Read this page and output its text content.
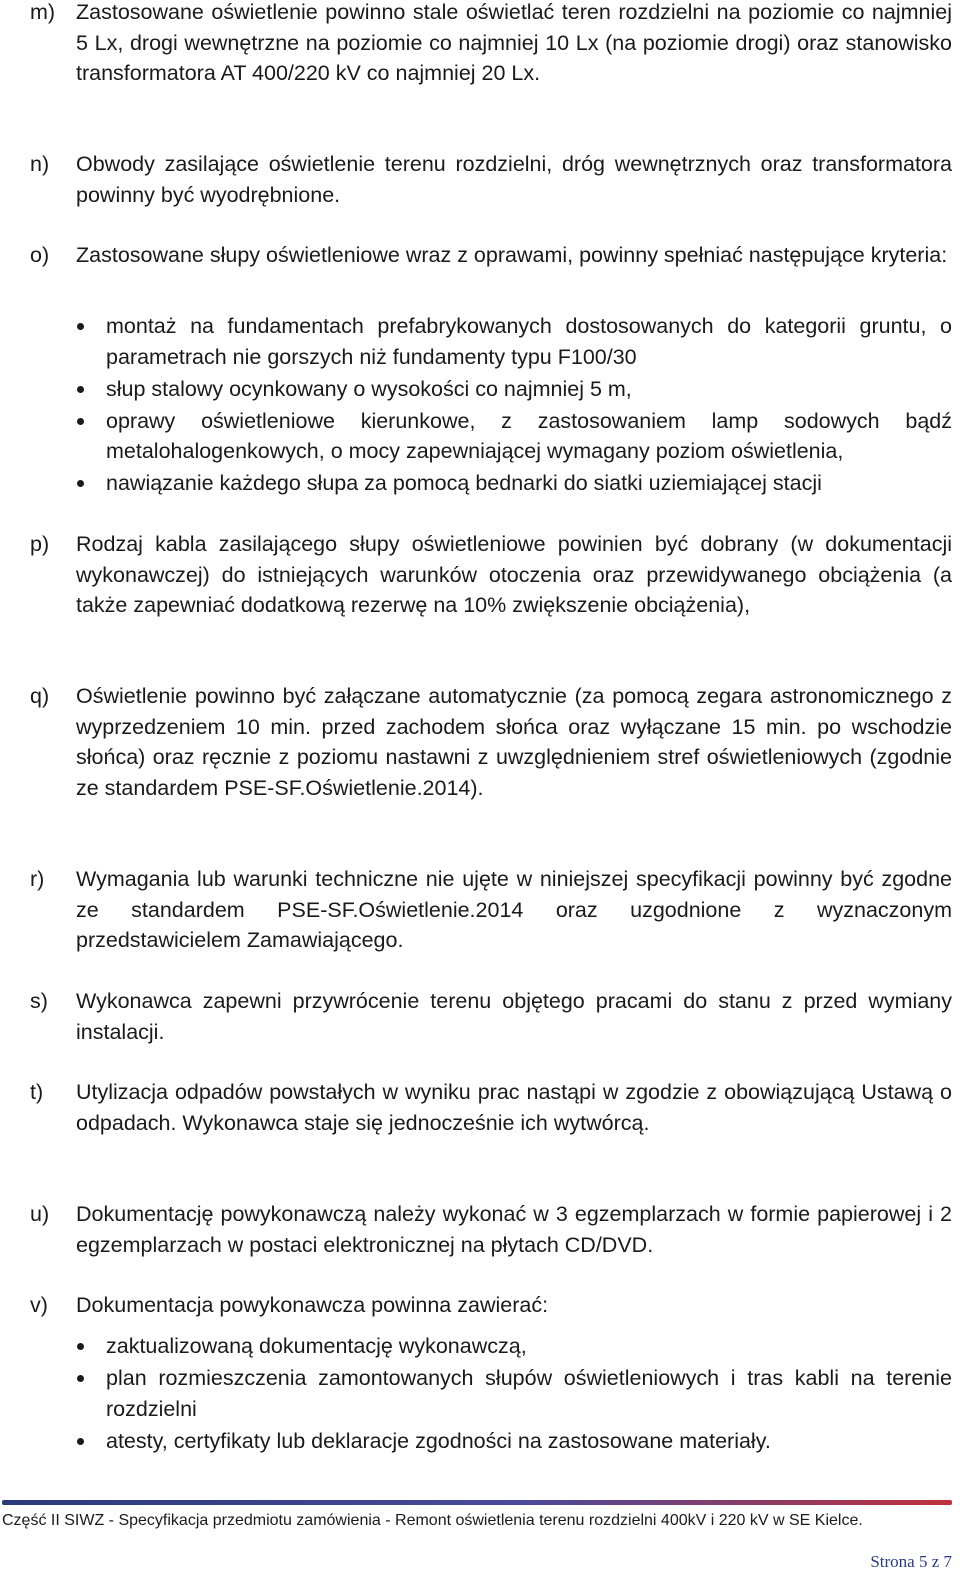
m) Zastosowane oświetlenie powinno stale oświetlać teren rozdzielni na poziomie co najmniej 5 Lx, drogi wewnętrzne na poziomie co najmniej 10 Lx (na poziomie drogi) oraz stanowisko transformatora AT 400/220 kV co najmniej 20 Lx.
n)	Obwody zasilające oświetlenie terenu rozdzielni, dróg wewnętrznych oraz transformatora powinny być wyodrębnione.
o)	Zastosowane słupy oświetleniowe wraz z oprawami, powinny spełniać następujące kryteria:
montaż na fundamentach prefabrykowanych dostosowanych do kategorii gruntu, o parametrach nie gorszych niż fundamenty typu F100/30
słup stalowy ocynkowany o wysokości co najmniej 5 m,
oprawy oświetleniowe kierunkowe, z zastosowaniem lamp sodowych bądź metalohalogenkowych, o mocy zapewniającej wymagany poziom oświetlenia,
nawiązanie każdego słupa za pomocą bednarki do siatki uziemiającej stacji
p)	Rodzaj kabla zasilającego słupy oświetleniowe powinien być dobrany (w dokumentacji wykonawczej) do istniejących warunków otoczenia oraz przewidywanego obciążenia (a także zapewniać dodatkową rezerwę na 10% zwiększenie obciążenia),
q)	Oświetlenie powinno być załączane automatycznie (za pomocą zegara astronomicznego z wyprzedzeniem 10 min. przed zachodem słońca oraz wyłączane 15 min. po wschodzie słońca) oraz ręcznie z poziomu nastawni z uwzględnieniem stref oświetleniowych (zgodnie ze standardem PSE-SF.Oświetlenie.2014).
r)	Wymagania lub warunki techniczne nie ujęte w niniejszej specyfikacji powinny być zgodne ze standardem PSE-SF.Oświetlenie.2014 oraz uzgodnione z wyznaczonym przedstawicielem Zamawiającego.
s)	Wykonawca zapewni przywrócenie terenu objętego pracami do stanu z przed wymiany instalacji.
t)	Utylizacja odpadów powstałych w wyniku prac nastąpi w zgodzie z obowiązującą Ustawą o odpadach. Wykonawca staje się jednocześnie ich wytwórcą.
u)	Dokumentację powykonawczą należy wykonać w 3 egzemplarzach w formie papierowej i 2 egzemplarzach w postaci elektronicznej na płytach CD/DVD.
v)	Dokumentacja powykonawcza powinna zawierać:
zaktualizowaną dokumentację wykonawczą,
plan rozmieszczenia zamontowanych słupów oświetleniowych i tras kabli na terenie rozdzielni
atesty, certyfikaty lub deklaracje zgodności na zastosowane materiały.
Część II SIWZ - Specyfikacja przedmiotu zamówienia - Remont oświetlenia terenu rozdzielni 400kV i 220 kV w SE Kielce.
Strona 5 z 7
